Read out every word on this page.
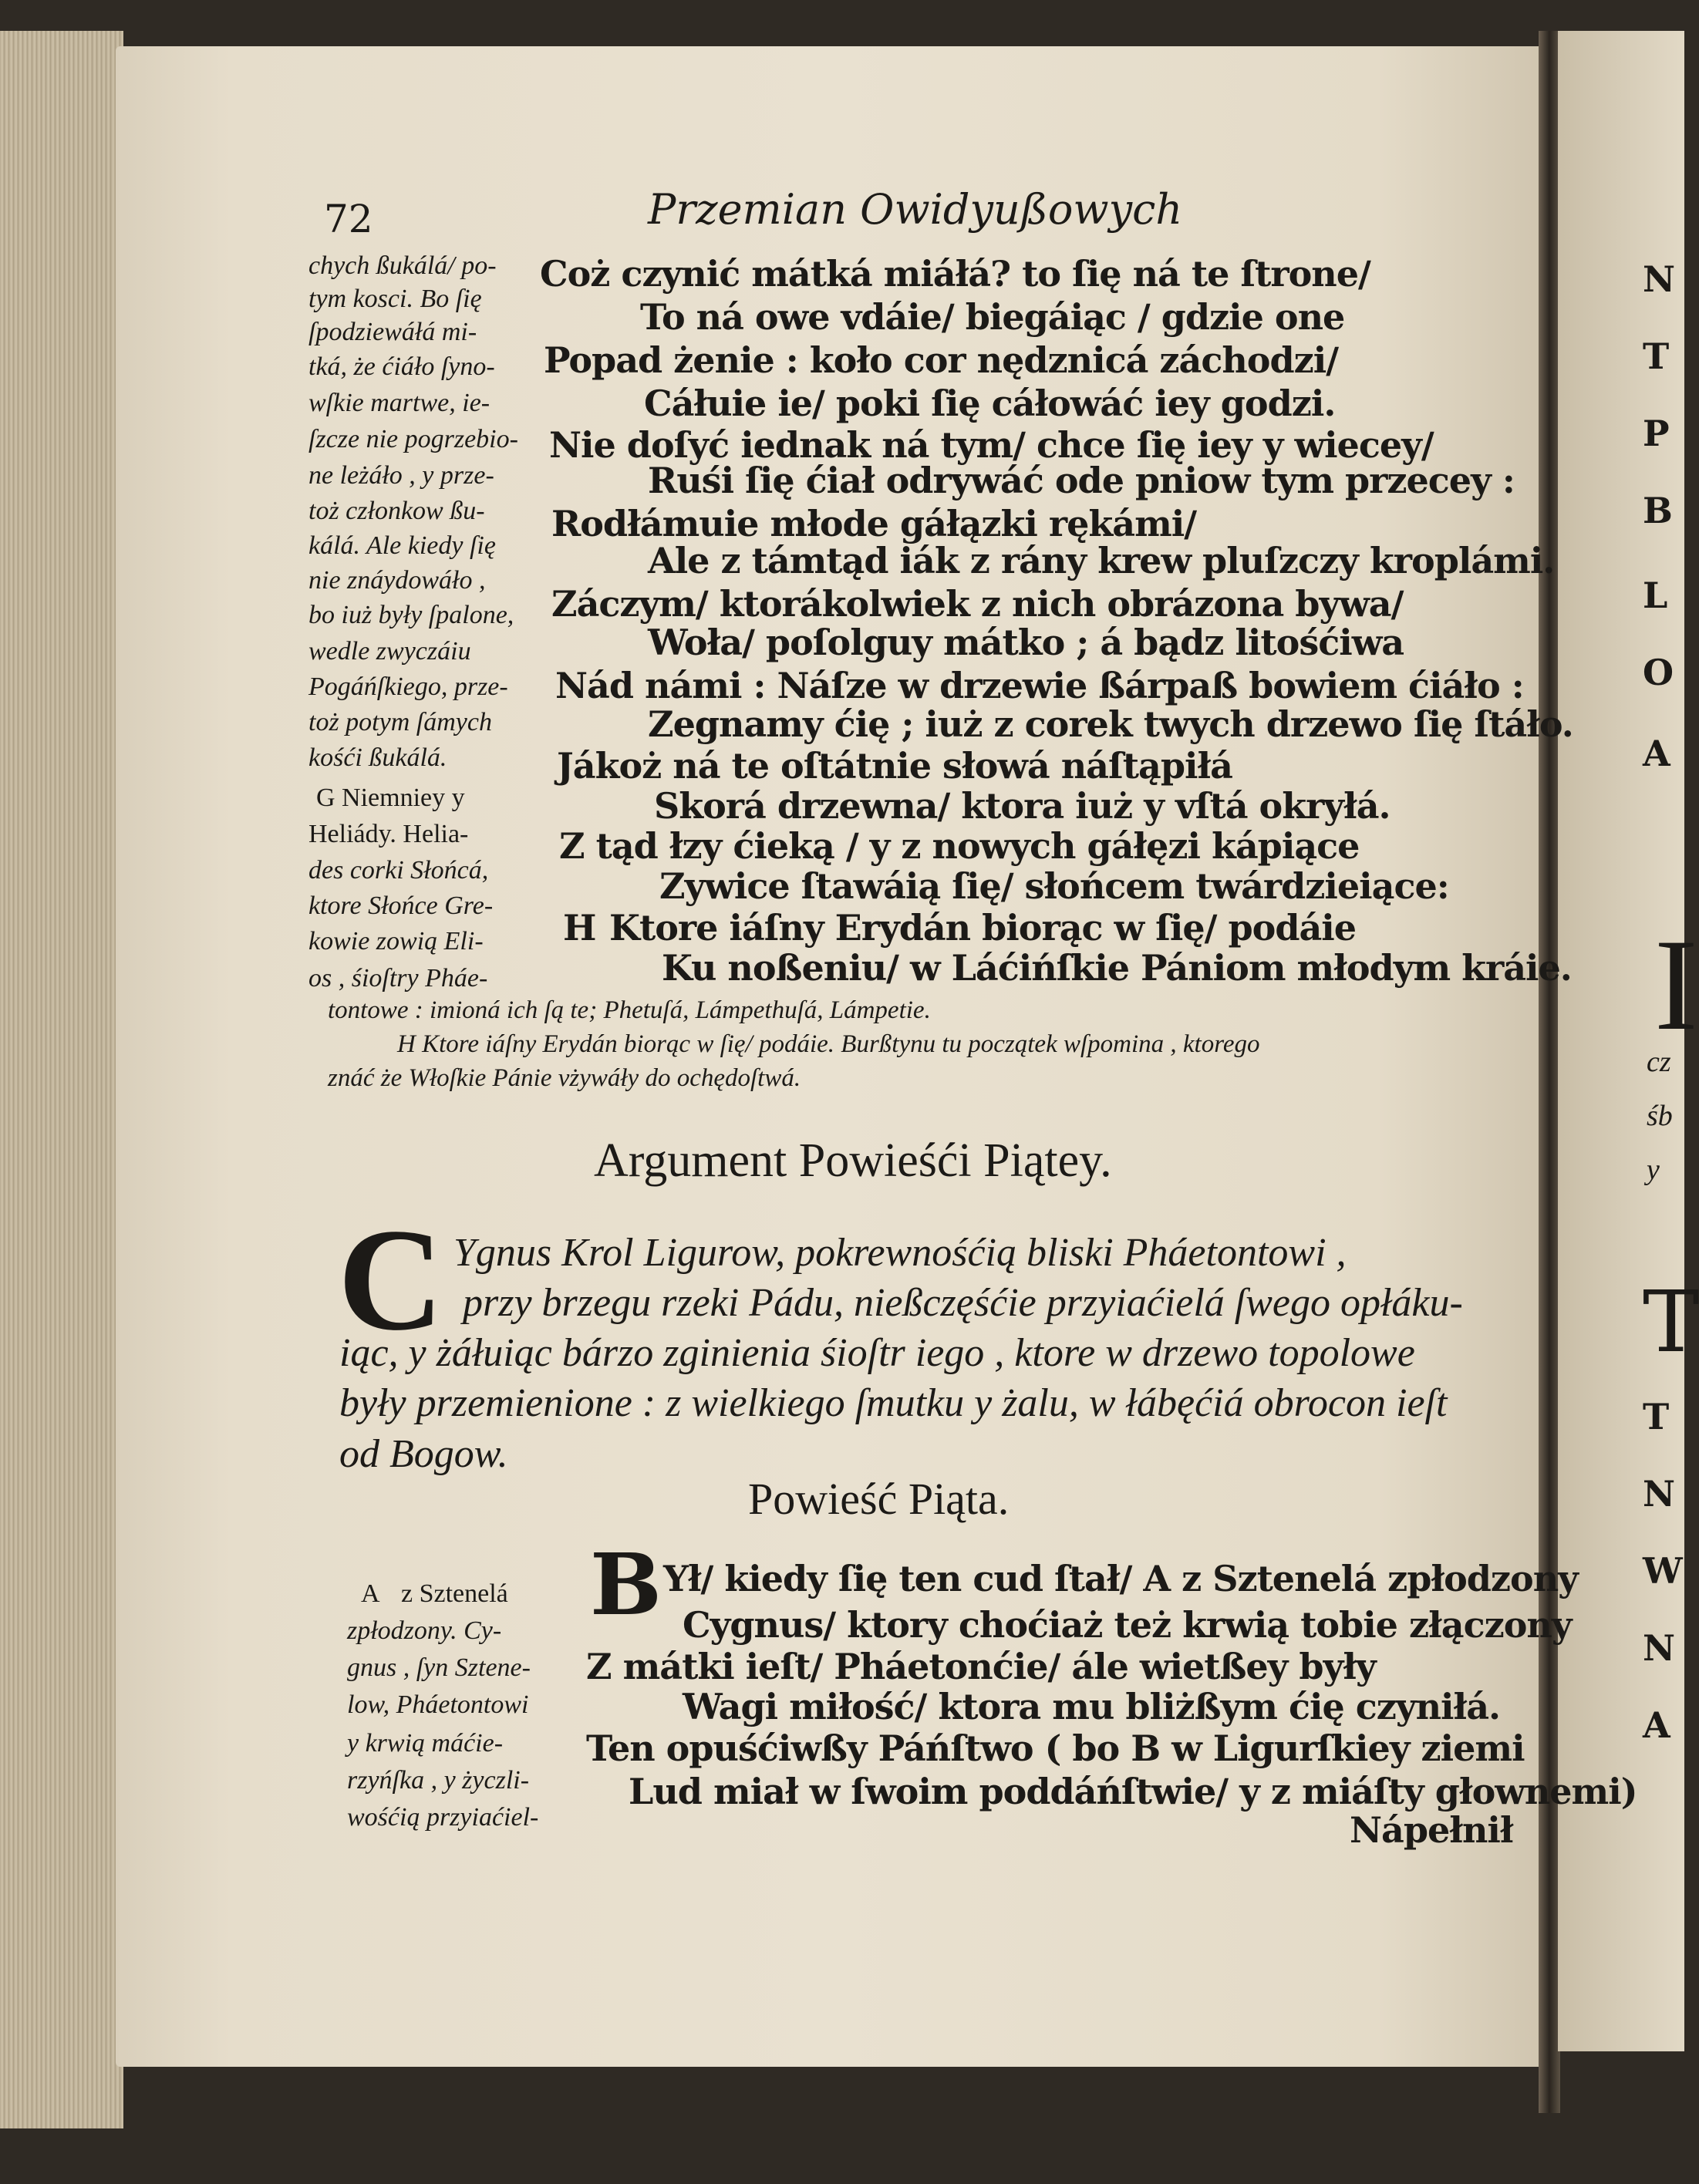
72	Przemian Owidyußowych
chych ßukálá/ po-
tym kosci. Bo ſię
ſpodziewáłá mi-
tká, że ćiáło ſyno-
wſkie martwe, ie-
ſzcze nie pogrzebio-
ne leżáło , y prze-
toż członkow ßu-
kálá. Ale kiedy ſię
nie znáydowáło ,
bo iuż były ſpalone,
wedle zwyczáiu
Pogáńſkiego, prze-
toż potym ſámych
kośći ßukálá.
G Niemniey y
Heliády. Helia-
des corki Słońcá,
ktore Słońce Gre-
kowie zowią Eli-
os , śioſtry Pháe-
Coż czynić mátká miáłá? to ſię ná te ſtrone/
To ná owe vdáie/ biegáiąc / gdzie one
Popad żenie : koło cor nędznicá záchodzi/
Cáłuie ie/ poki ſię cáłowáć iey godzi.
Nie doſyć iednak ná tym/ chce ſię iey y wiecey/
Ruśi ſię ćiał odrywáć ode pniow tym przecey :
Rodłámuie młode gáłązki rękámi/
Ale z támtąd iák z rány krew pluſzczy kroplámi.
Záczym/ ktorákolwiek z nich obrázona bywa/
Woła/ poſolguy mátko ; á bądz litośćiwa
Nád námi : Náſze w drzewie ßárpaß bowiem ćiáło :
Zegnamy ćię ; iuż z corek twych drzewo ſię ſtáło.
Jákoż ná te oſtátnie słowá náſtąpiłá
Skorá drzewna/ ktora iuż y vſtá okryłá.
Z tąd łzy ćieką / y z nowych gáłęzi kápiące
Zywice ſtawáią ſię/ słońcem twárdzieiące:
H Ktore iáſny Erydán biorąc w ſię/ podáie
Ku noßeniu/ w Láćińſkie Pániom młodym kráie.
tontowe : imioná ich ſą te; Phetuſá, Lámpethuſá, Lámpetie.
H Ktore iáſny Erydán biorąc w ſię/ podáie. Burßtynu tu początek wſpomina , ktorego
znáć że Włoſkie Pánie vżywáły do ochędoſtwá.
Argument Powieśći Piątey.
C Ygnus Krol Ligurow, pokrewnośćią bliski Pháetontowi ,
przy brzegu rzeki Pádu, nießczęśćie przyiaćielá ſwego opłáku-
iąc, y żáłuiąc bárzo zginienia śioſtr iego , ktore w drzewo topolowe
były przemienione : z wielkiego ſmutku y żalu, w łábęćiá obrocon ieſt
od Bogow.
Powieść Piąta.
B
A z Sztenelá
zpłodzony. Cy-
gnus , ſyn Sztene-
low, Pháetontowi
y krwią máćie-
rzyńſka , y życzli-
wośćią przyiaćiel-
Ył/ kiedy ſię ten cud ſtał/ A z Sztenelá zpłodzony
Cygnus/ ktory choćiaż też krwią tobie złączony
Z mátki ieſt/ Pháetonćie/ ále wietßey były
Wagi miłość/ ktora mu bliżßym ćię czyniłá.
Ten opuśćiwßy Páńſtwo ( bo B w Ligurſkiey ziemi
Lud miał w ſwoim poddáńſtwie/ y z miáſty głownemi)
Nápełnił
N
T
P
B
L
O
A
I
cz
śb
y
T
T
N
W
N
A
